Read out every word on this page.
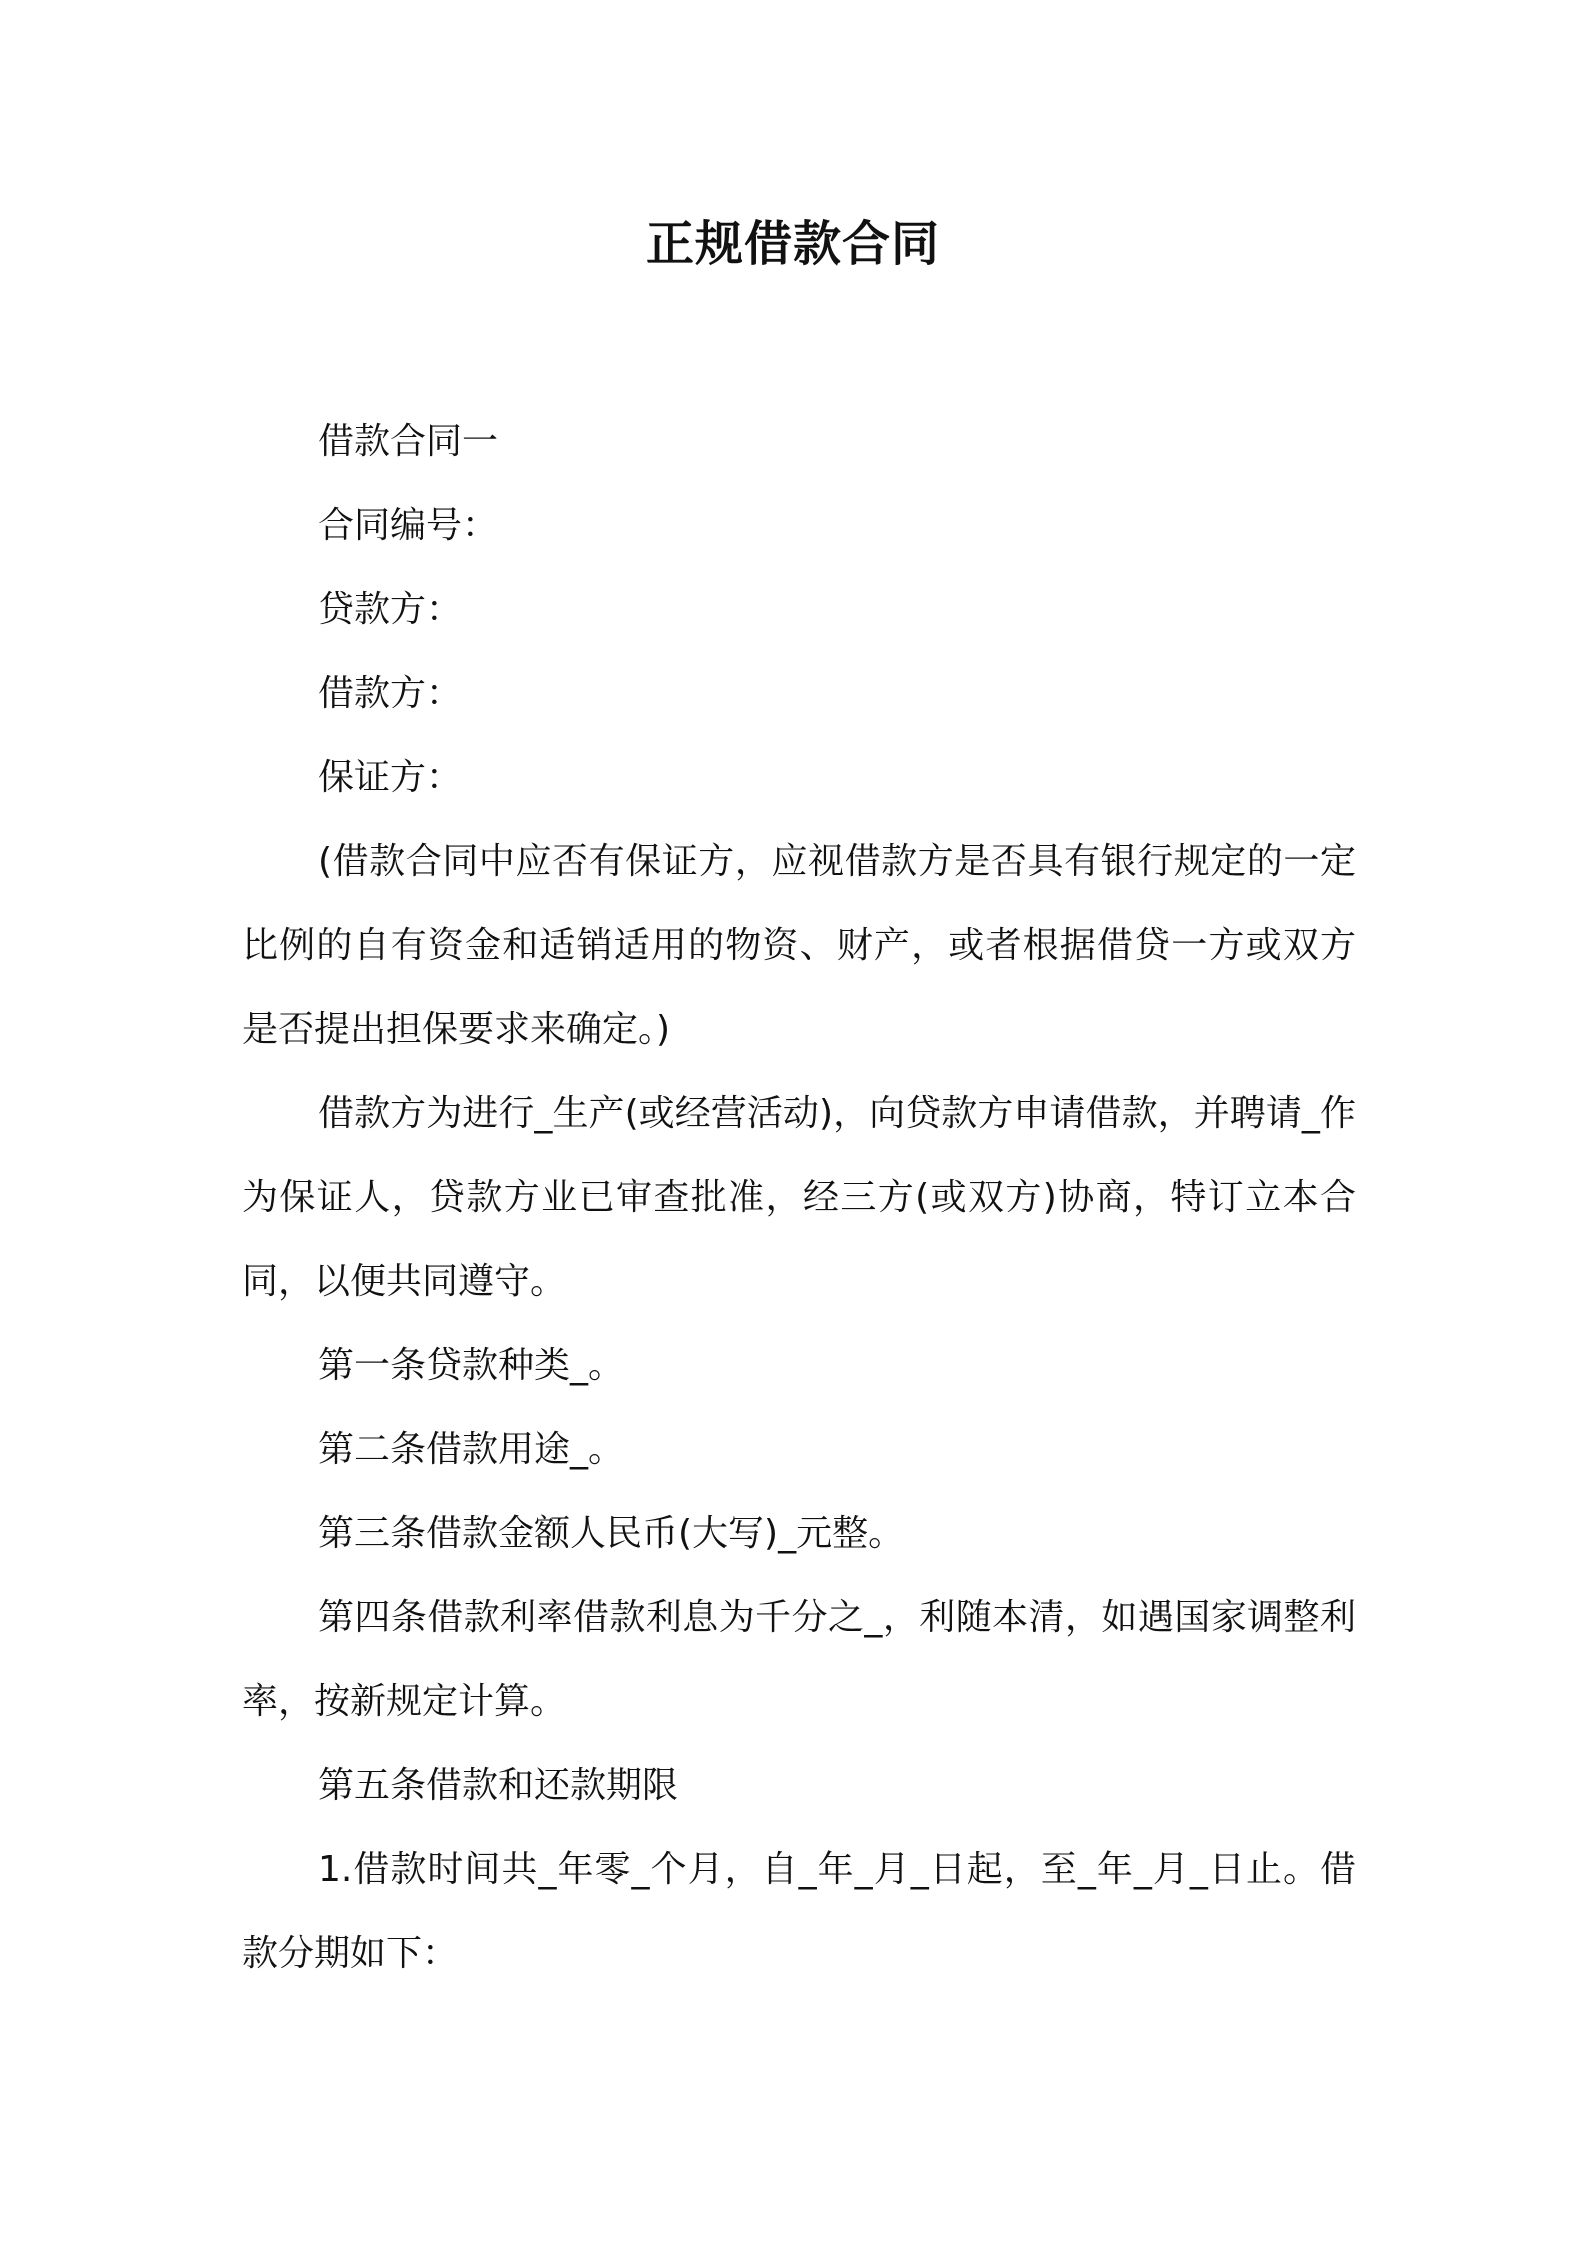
正规借款合同

借款合同一

合同编号：

贷款方：

借款方：

保证方：

(借款合同中应否有保证方，应视借款方是否具有银行规定的一定比例的自有资金和适销适用的物资、财产，或者根据借贷一方或双方是否提出担保要求来确定。)

借款方为进行_生产(或经营活动)，向贷款方申请借款，并聘请_作为保证人，贷款方业已审查批准，经三方(或双方)协商，特订立本合同，以便共同遵守。

第一条贷款种类_。

第二条借款用途_。

第三条借款金额人民币(大写)_元整。

第四条借款利率借款利息为千分之_，利随本清，如遇国家调整利率，按新规定计算。

第五条借款和还款期限

1.借款时间共_年零_个月，自_年_月_日起，至_年_月_日止。借款分期如下：
